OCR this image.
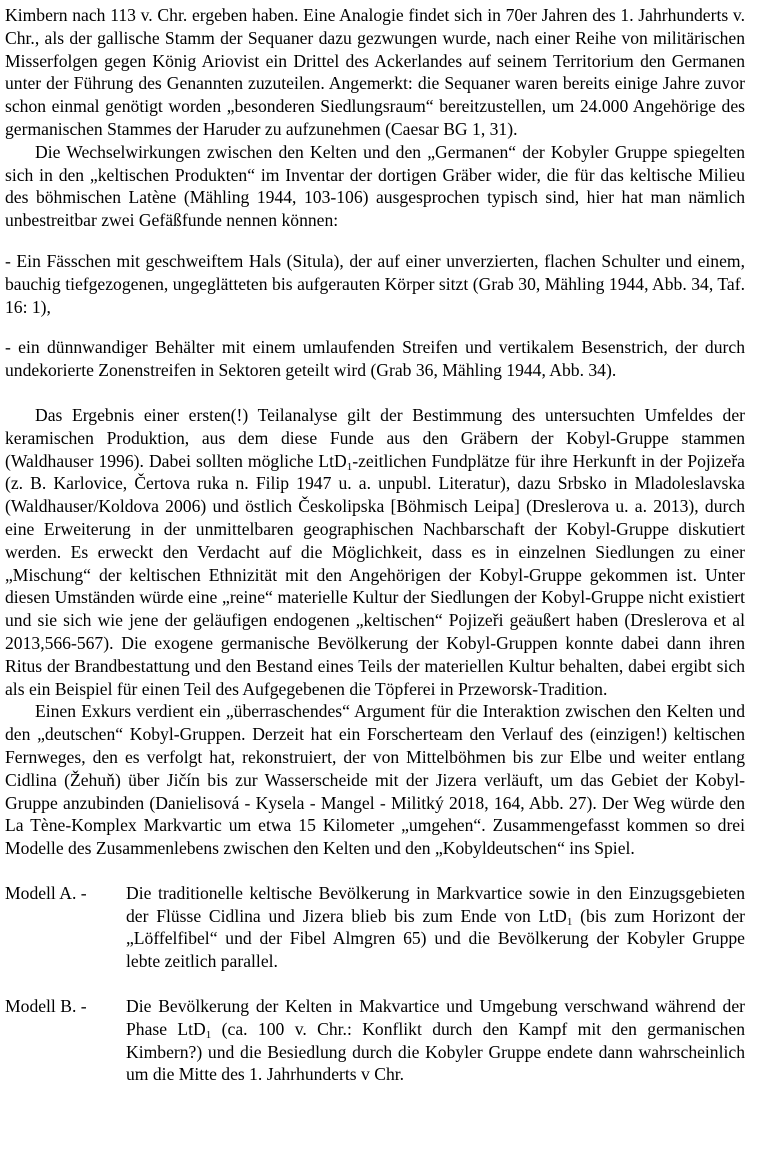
Kimbern nach 113 v. Chr. ergeben haben. Eine Analogie findet sich in 70er Jahren des 1. Jahrhunderts v. Chr., als der gallische Stamm der Sequaner dazu gezwungen wurde, nach einer Reihe von militärischen Misserfolgen gegen König Ariovist ein Drittel des Ackerlandes auf seinem Territorium den Germanen unter der Führung des Genannten zuzuteilen. Angemerkt: die Sequaner waren bereits einige Jahre zuvor schon einmal genötigt worden „besonderen Siedlungsraum“ bereitzustellen, um 24.000 Angehörige des germanischen Stammes der Haruder zu aufzunehmen (Caesar BG 1, 31).

Die Wechselwirkungen zwischen den Kelten und den „Germanen“ der Kobyler Gruppe spiegelten sich in den „keltischen Produkten“ im Inventar der dortigen Gräber wider, die für das keltische Milieu des böhmischen Latène (Mähling 1944, 103-106) ausgesprochen typisch sind, hier hat man nämlich unbestreitbar zwei Gefäßfunde nennen können:

- Ein Fässchen mit geschweiftem Hals (Situla), der auf einer unverzierten, flachen Schulter und einem, bauchig tiefgezogenen, ungeglätteten bis aufgerauten Körper sitzt (Grab 30, Mähling 1944, Abb. 34, Taf. 16: 1),

- ein dünnwandiger Behälter mit einem umlaufenden Streifen und vertikalem Besenstrich, der durch undekorierte Zonenstreifen in Sektoren geteilt wird (Grab 36, Mähling 1944, Abb. 34).

Das Ergebnis einer ersten(!) Teilanalyse gilt der Bestimmung des untersuchten Umfeldes der keramischen Produktion, aus dem diese Funde aus den Gräbern der Kobyl-Gruppe stammen (Waldhauser 1996). Dabei sollten mögliche LtD$_1$-zeitlichen Fundplätze für ihre Herkunft in der Pojizeřa (z. B. Karlovice, Čertova ruka n. Filip 1947 u. a. unpubl. Literatur), dazu Srbsko in Mladoleslavska (Waldhauser/Koldova 2006) und östlich Českolipska [Böhmisch Leipa] (Dreslerova u. a. 2013), durch eine Erweiterung in der unmittelbaren geographischen Nachbarschaft der Kobyl-Gruppe diskutiert werden. Es erweckt den Verdacht auf die Möglichkeit, dass es in einzelnen Siedlungen zu einer „Mischung“ der keltischen Ethnizität mit den Angehörigen der Kobyl-Gruppe gekommen ist. Unter diesen Umständen würde eine „reine“ materielle Kultur der Siedlungen der Kobyl-Gruppe nicht existiert und sie sich wie jene der geläufigen endogenen „keltischen“ Pojizeři geäußert haben (Dreslerova et al 2013,566-567). Die exogene germanische Bevölkerung der Kobyl-Gruppen konnte dabei dann ihren Ritus der Brandbestattung und den Bestand eines Teils der materiellen Kultur behalten, dabei ergibt sich als ein Beispiel für einen Teil des Aufgegebenen die Töpferei in Przeworsk-Tradition.

Einen Exkurs verdient ein „überraschendes“ Argument für die Interaktion zwischen den Kelten und den „deutschen“ Kobyl-Gruppen. Derzeit hat ein Forscherteam den Verlauf des (einzigen!) keltischen Fernweges, den es verfolgt hat, rekonstruiert, der von Mittelböhmen bis zur Elbe und weiter entlang Cidlina (Žehuň) über Jičín bis zur Wasserscheide mit der Jizera verläuft, um das Gebiet der Kobyl-Gruppe anzubinden (Danielisová - Kysela - Mangel - Militký 2018, 164, Abb. 27). Der Weg würde den La Tène-Komplex Markvartic um etwa 15 Kilometer „umgehen“. Zusammengefasst kommen so drei Modelle des Zusammenlebens zwischen den Kelten und den „Kobyldeutschen“ ins Spiel.

Modell A. -	Die traditionelle keltische Bevölkerung in Markvartice sowie in den Einzugsgebieten der Flüsse Cidlina und Jizera blieb bis zum Ende von LtD$_1$ (bis zum Horizont der „Löffelfibel“ und der Fibel Almgren 65) und die Bevölkerung der Kobyler Gruppe lebte zeitlich parallel.

Modell B. -	Die Bevölkerung der Kelten in Makvartice und Umgebung verschwand während der Phase LtD$_1$ (ca. 100 v. Chr.: Konflikt durch den Kampf mit den germanischen Kimbern?) und die Besiedlung durch die Kobyler Gruppe endete dann wahrscheinlich um die Mitte des 1. Jahrhunderts v Chr.
